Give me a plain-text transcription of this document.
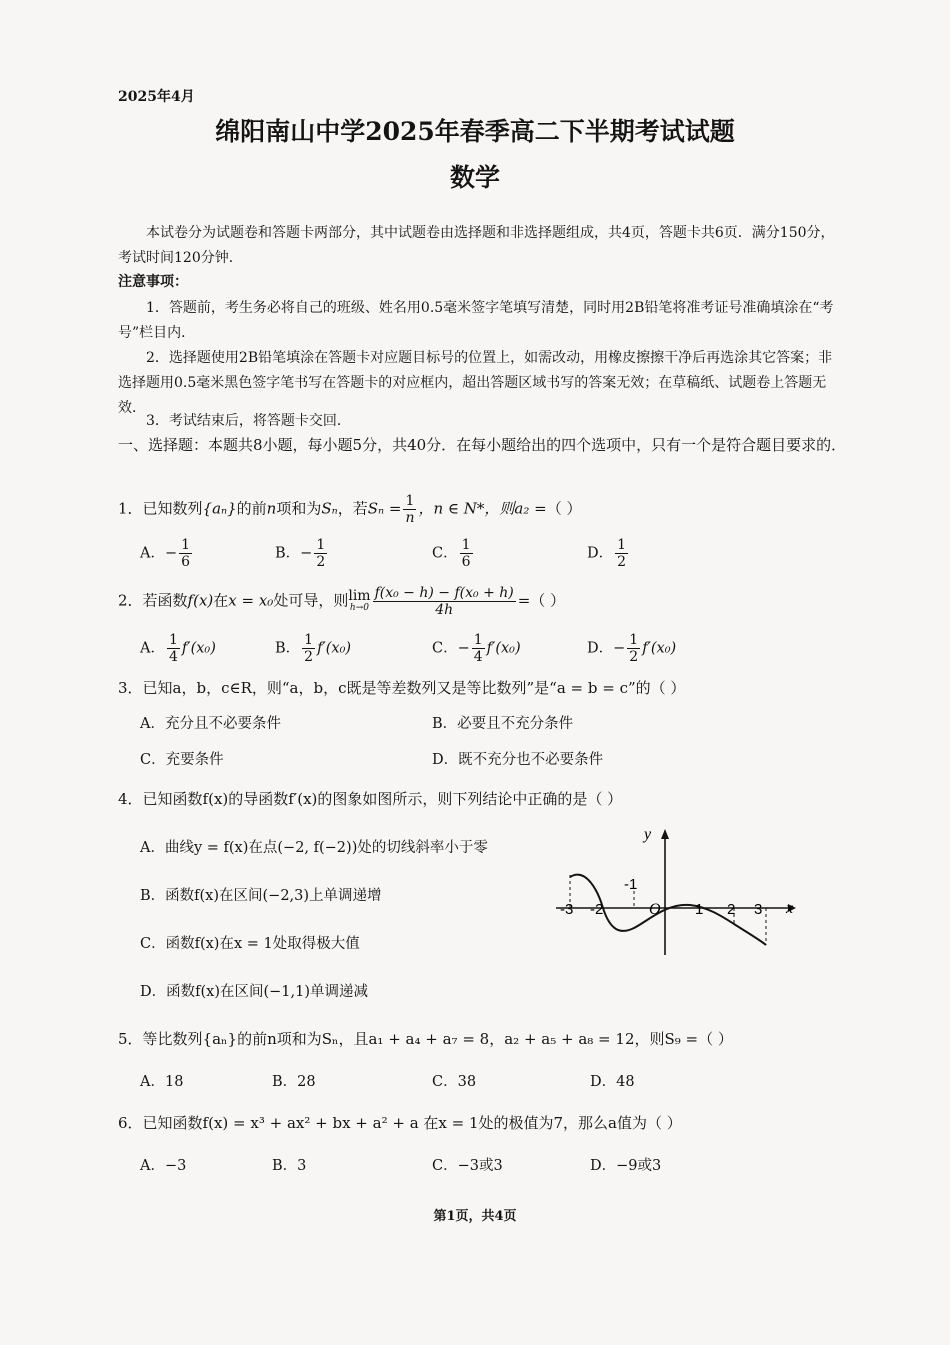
2025年4月
绵阳南山中学2025年春季高二下半期考试试题
数学
本试卷分为试题卷和答题卡两部分，其中试题卷由选择题和非选择题组成，共4页，答题卡共6页．满分150分，考试时间120分钟．
注意事项：
1．答题前，考生务必将自己的班级、姓名用0.5毫米签字笔填写清楚，同时用2B铅笔将准考证号准确填涂在“考号”栏目内．
2．选择题使用2B铅笔填涂在答题卡对应题目标号的位置上，如需改动，用橡皮擦擦干净后再选涂其它答案；非选择题用0.5毫米黑色签字笔书写在答题卡的对应框内，超出答题区域书写的答案无效；在草稿纸、试题卷上答题无效．
3．考试结束后，将答题卡交回．
一、选择题：本题共8小题，每小题5分，共40分．在每小题给出的四个选项中，只有一个是符合题目要求的．
1．已知数列{aₙ}的前n项和为Sₙ，若$S_n = \frac{1}{n}$ ，n ∈ N*，则a₂ =（ ）
A．− $\frac{1}{6}$	B．− $\frac{1}{2}$	C． $\frac{1}{6}$	D． $\frac{1}{2}$
2．若函数f(x)在x = x₀处可导，则 lim
$h\to 0 \frac{\text{f(x₀ − h) − f(x₀ + h)}}{4h}$ =（ ）
A． $\frac{1}{4} f'(x_0)$	B． $\frac{1}{2} f'(x_0)$	C．− $\frac{1}{4} f'(x_0)$	D．− $\frac{1}{2} f'(x_0)$
3．已知a，b，c∈R，则“a，b，c既是等差数列又是等比数列”是“a = b = c”的（ ）
A．充分且不必要条件	B．必要且不充分条件
C．充要条件	D．既不充分也不必要条件
4．已知函数f(x)的导函数f′(x)的图象如图所示，则下列结论中正确的是（ ）
A．曲线y = f(x)在点(−2, f(−2))处的切线斜率小于零
B．函数f(x)在区间(−2,3)上单调递增
C．函数f(x)在x = 1处取得极大值
D．函数f(x)在区间(−1,1)单调递减
y
x
O
-3 -2
-1
1 2 3
5．等比数列{aₙ}的前n项和为Sₙ，且a₁ + a₄ + a₇ = 8，a₂ + a₅ + a₈ = 12，则S₉ =（ ）
A．18	B．28	C．38	D．48
6．已知函数f(x) = x³ + ax² + bx + a² + a 在x = 1处的极值为7，那么a值为（ ）
A．−3	B．3	C．−3或3	D．−9或3
第1页，共4页
